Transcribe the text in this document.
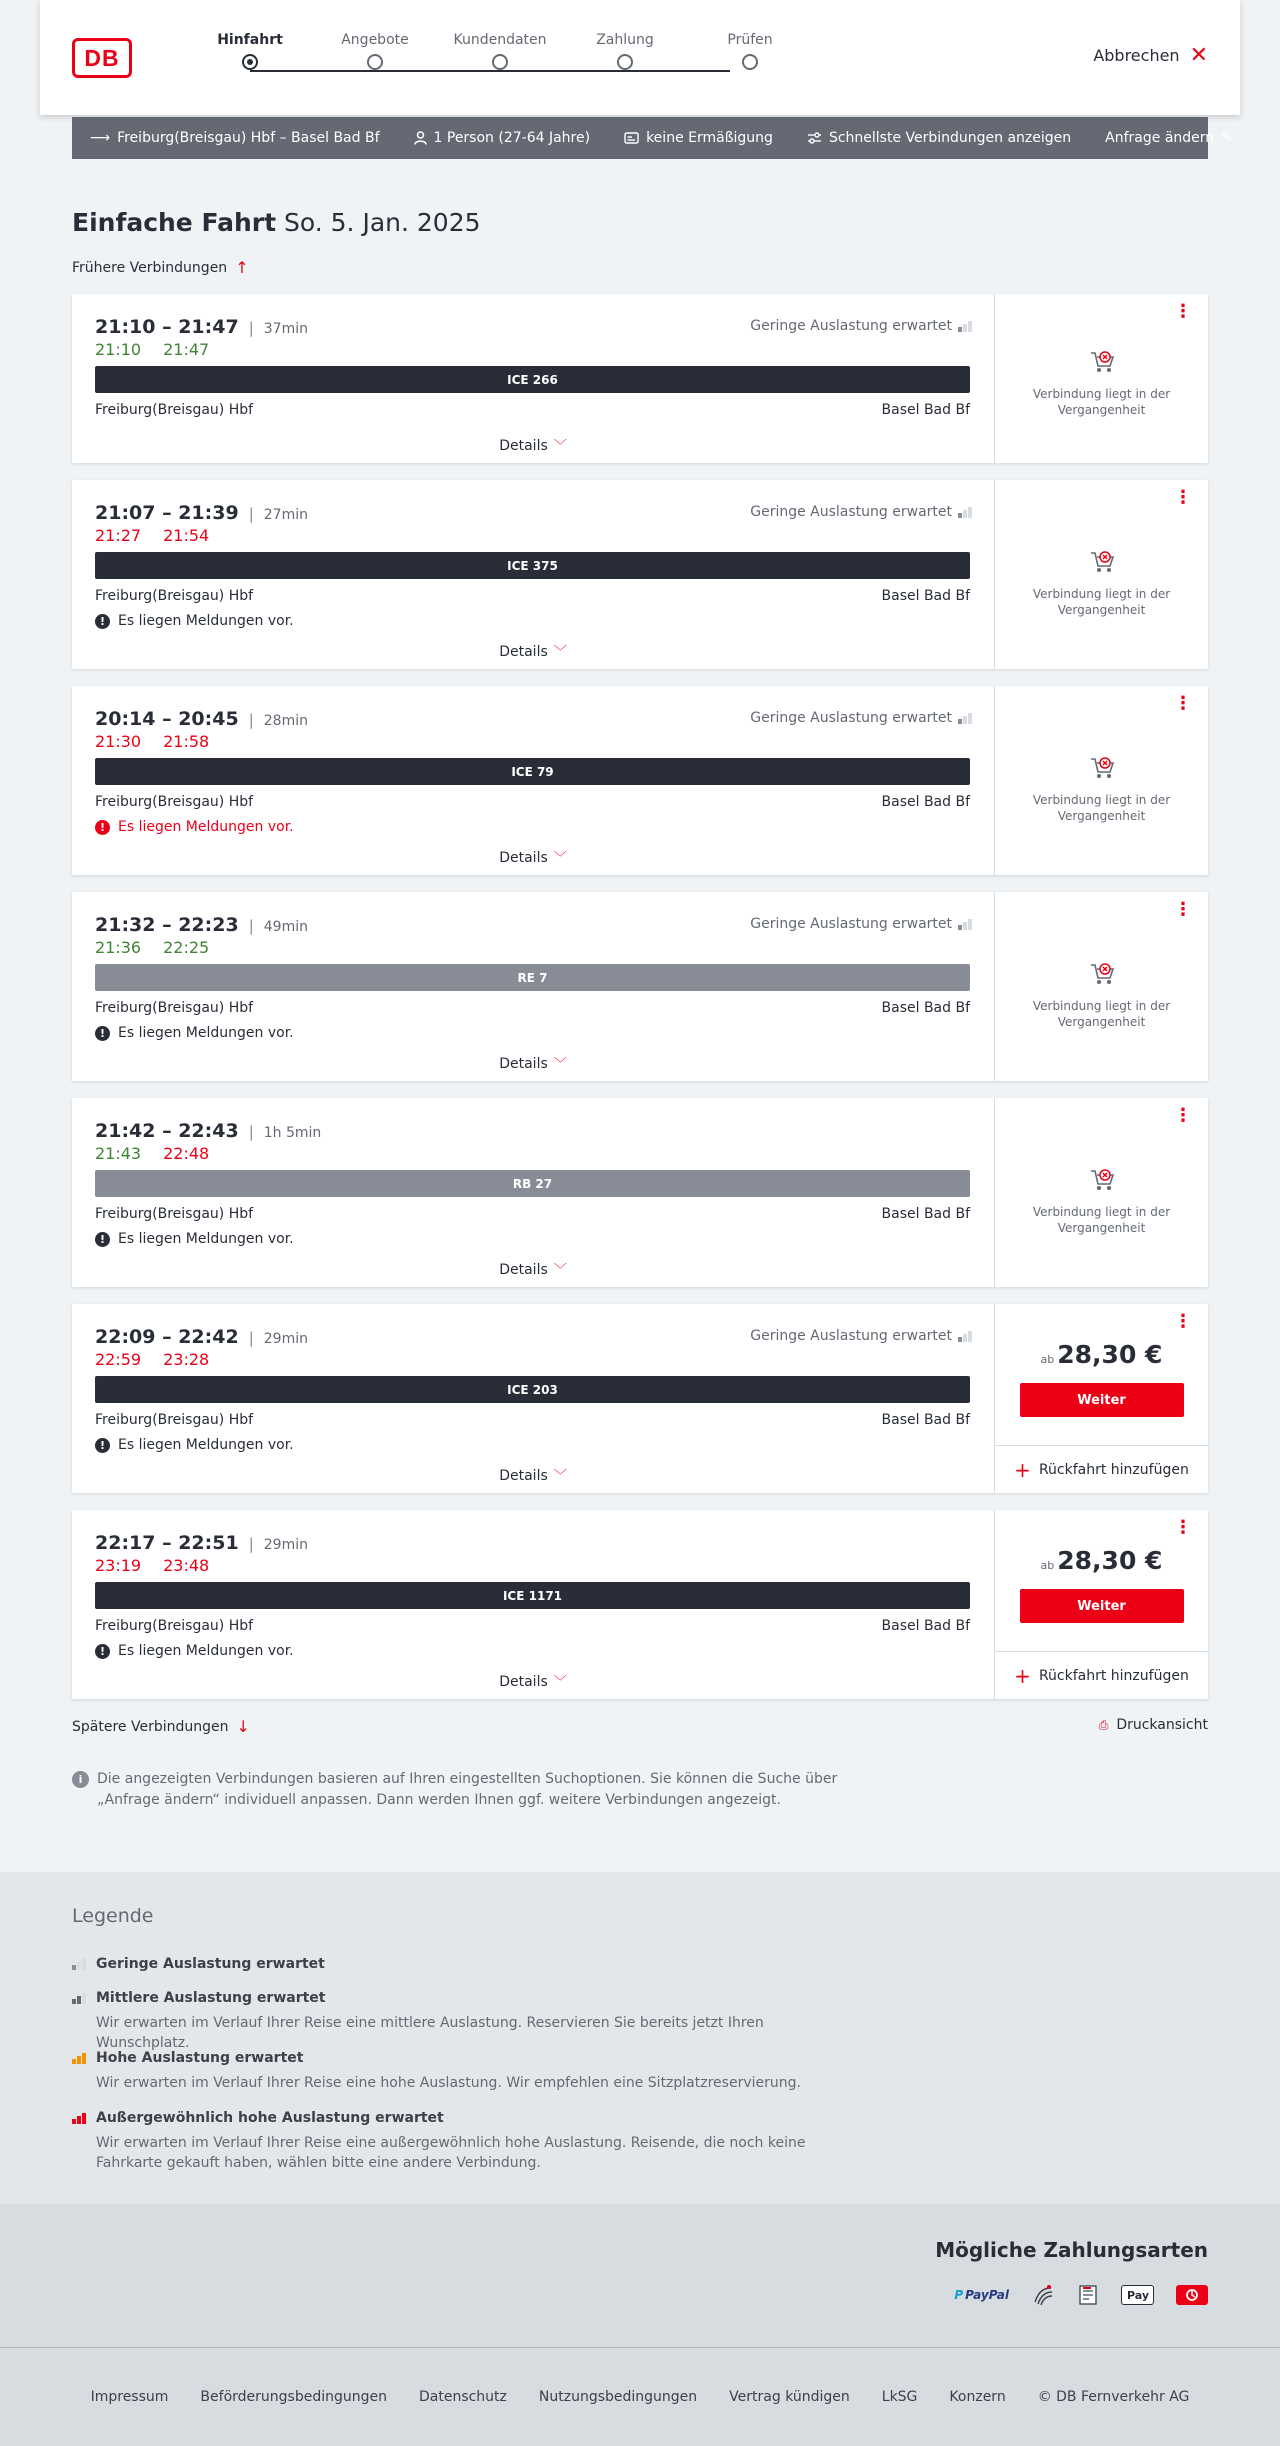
DB
Hinfahrt	Angebote	Kundendaten	Zahlung	Prüfen
Abbrechen ✕
⟶ Freiburg(Breisgau) Hbf – Basel Bad Bf	1 Person (27-64 Jahre)	keine Ermäßigung	Schnellste Verbindungen anzeigen Anfrage ändern ✎
Einfache Fahrt So. 5. Jan. 2025
Frühere Verbindungen ↑
21:10 – 21:47 | 37min
21:10 21:47
Geringe Auslastung erwartet
ICE 266
Freiburg(Breisgau) Hbf	Basel Bad Bf
Details ﹀
⋮
Verbindung liegt in der Vergangenheit
21:07 – 21:39 | 27min
21:27 21:54
Geringe Auslastung erwartet
ICE 375
Freiburg(Breisgau) Hbf	Basel Bad Bf
! Es liegen Meldungen vor.
Details ﹀
⋮
Verbindung liegt in der Vergangenheit
20:14 – 20:45 | 28min
21:30 21:58
Geringe Auslastung erwartet
ICE 79
Freiburg(Breisgau) Hbf	Basel Bad Bf
! Es liegen Meldungen vor.
Details ﹀
⋮
Verbindung liegt in der Vergangenheit
21:32 – 22:23 | 49min
21:36 22:25
Geringe Auslastung erwartet
RE 7
Freiburg(Breisgau) Hbf	Basel Bad Bf
! Es liegen Meldungen vor.
Details ﹀
⋮
Verbindung liegt in der Vergangenheit
21:42 – 22:43 | 1h 5min
21:43 22:48
RB 27
Freiburg(Breisgau) Hbf	Basel Bad Bf
! Es liegen Meldungen vor.
Details ﹀
⋮
Verbindung liegt in der Vergangenheit
22:09 – 22:42 | 29min
22:59 23:28
Geringe Auslastung erwartet
ICE 203
Freiburg(Breisgau) Hbf	Basel Bad Bf
! Es liegen Meldungen vor.
Details ﹀
⋮
ab 28,30 €
Weiter
+ Rückfahrt hinzufügen
22:17 – 22:51 | 29min
23:19 23:48
ICE 1171
Freiburg(Breisgau) Hbf	Basel Bad Bf
! Es liegen Meldungen vor.
Details ﹀
⋮
ab 28,30 €
Weiter
+ Rückfahrt hinzufügen
Spätere Verbindungen ↓	⎙ Druckansicht
i	Die angezeigten Verbindungen basieren auf Ihren eingestellten Suchoptionen. Sie können die Suche über „Anfrage ändern“ individuell anpassen. Dann werden Ihnen ggf. weitere Verbindungen angezeigt.
Legende
Geringe Auslastung erwartet
Mittlere Auslastung erwartet
Wir erwarten im Verlauf Ihrer Reise eine mittlere Auslastung. Reservieren Sie bereits jetzt Ihren Wunschplatz.
Hohe Auslastung erwartet
Wir erwarten im Verlauf Ihrer Reise eine hohe Auslastung. Wir empfehlen eine Sitzplatzreservierung.
Außergewöhnlich hohe Auslastung erwartet
Wir erwarten im Verlauf Ihrer Reise eine außergewöhnlich hohe Auslastung. Reisende, die noch keine Fahrkarte gekauft haben, wählen bitte eine andere Verbindung.
Mögliche Zahlungsarten
P PayPal	Pay
Impressum Beförderungsbedingungen Datenschutz Nutzungsbedingungen Vertrag kündigen LkSG Konzern © DB Fernverkehr AG
